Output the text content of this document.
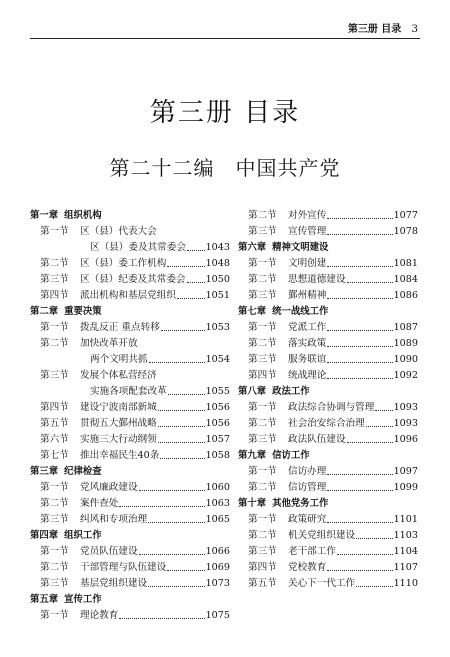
第三册 目录 3
第三册 目录
第二十二编　中国共产党
第一章 组织机构
第一节	区（县）代表大会
区（县）委及其常委会 1043
第二节	区（县）委工作机构	1048
第三节	区（县）纪委及其常委会 1050
第四节	派出机构和基层党组织	1051
第二章 重要决策
第一节	拨乱反正 重点转移	1053
第二节	加快改革开放
两个文明共抓	1054
第三节	发展个体私营经济
实施各项配套改革	1055
第四节	建设宁波南部新城	1056
第五节	贯彻五大鄞州战略	1056
第六节	实施三大行动纲领	1057
第七节	推出幸福民生40条	1058
第三章 纪律检查
第一节	党风廉政建设	1060
第二节	案件查处	1063
第三节	纠风和专项治理	1065
第四章 组织工作
第一节	党员队伍建设	1066
第二节	干部管理与队伍建设	1069
第三节	基层党组织建设	1073
第五章 宣传工作
第一节	理论教育	1075
第二节	对外宣传	1077
第三节	宣传管理	1078
第六章 精神文明建设
第一节	文明创建	1081
第二节	思想道德建设	1084
第三节	鄞州精神	1086
第七章 统一战线工作
第一节	党派工作	1087
第二节	落实政策	1089
第三节	服务联谊	1090
第四节	统战理论	1092
第八章 政法工作
第一节	政法综合协调与管理 1093
第二节	社会治安综合治理	1093
第三节	政法队伍建设	1096
第九章 信访工作
第一节	信访办理	1097
第二节	信访管理	1099
第十章 其他党务工作
第一节	政策研究	1101
第二节	机关党组织建设	1103
第三节	老干部工作	1104
第四节	党校教育	1107
第五节	关心下一代工作	1110
